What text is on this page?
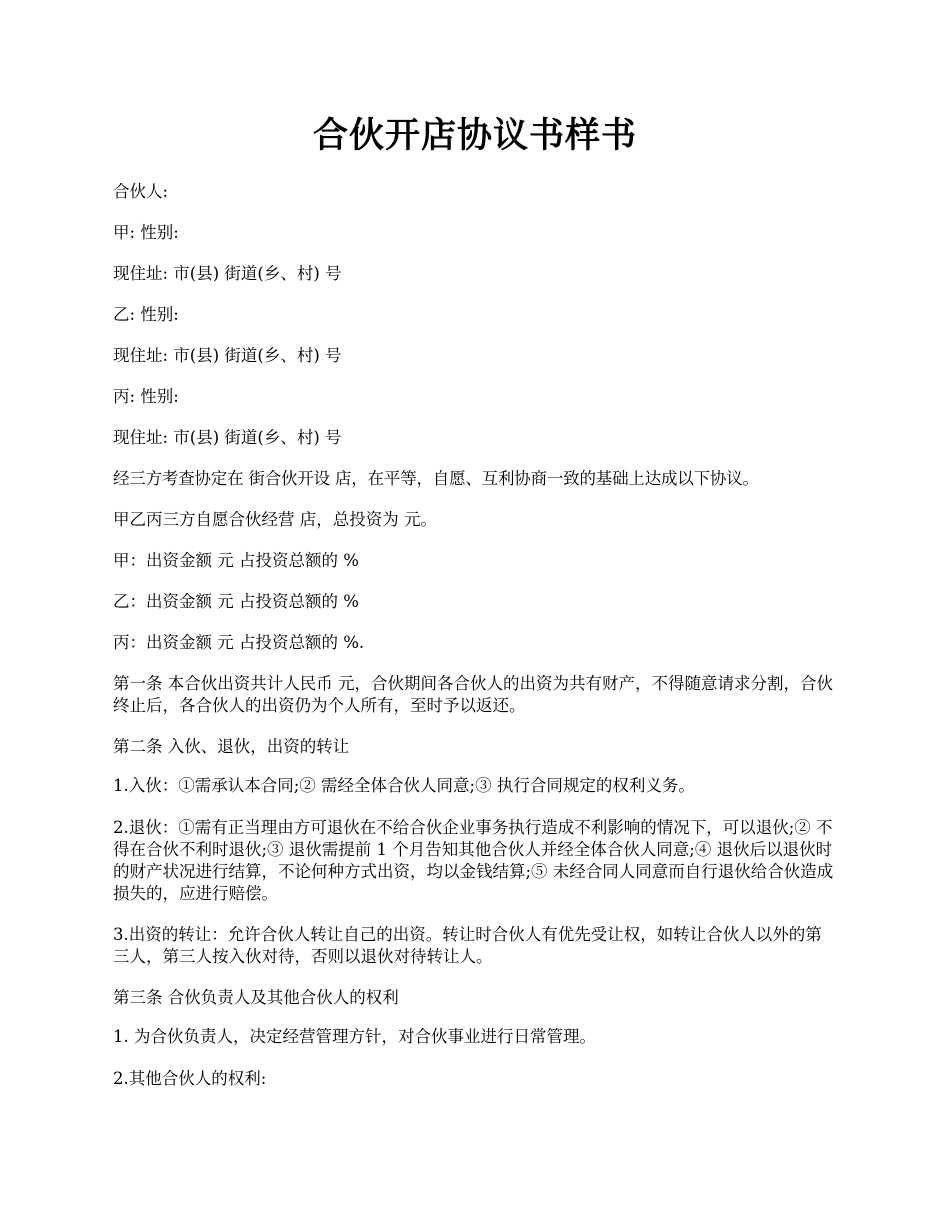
合伙开店协议书样书

合伙人:

甲: 性别:

现住址: 市(县) 街道(乡、村) 号

乙: 性别:

现住址: 市(县) 街道(乡、村) 号

丙: 性别:

现住址: 市(县) 街道(乡、村) 号

经三方考查协定在 街合伙开设 店，在平等，自愿、互利协商一致的基础上达成以下协议。

甲乙丙三方自愿合伙经营 店，总投资为 元。

甲：出资金额 元 占投资总额的 %

乙：出资金额 元 占投资总额的 %

丙：出资金额 元 占投资总额的 %.

第一条 本合伙出资共计人民币 元，合伙期间各合伙人的出资为共有财产，不得随意请求分割，合伙终止后，各合伙人的出资仍为个人所有，至时予以返还。

第二条 入伙、退伙，出资的转让

1.入伙：①需承认本合同;② 需经全体合伙人同意;③ 执行合同规定的权利义务。

2.退伙：①需有正当理由方可退伙在不给合伙企业事务执行造成不利影响的情况下，可以退伙;② 不得在合伙不利时退伙;③ 退伙需提前 1 个月告知其他合伙人并经全体合伙人同意;④ 退伙后以退伙时的财产状况进行结算，不论何种方式出资，均以金钱结算;⑤ 未经合同人同意而自行退伙给合伙造成损失的，应进行赔偿。

3.出资的转让：允许合伙人转让自己的出资。转让时合伙人有优先受让权，如转让合伙人以外的第三人，第三人按入伙对待，否则以退伙对待转让人。

第三条 合伙负责人及其他合伙人的权利

1. 为合伙负责人，决定经营管理方针，对合伙事业进行日常管理。

2.其他合伙人的权利:
